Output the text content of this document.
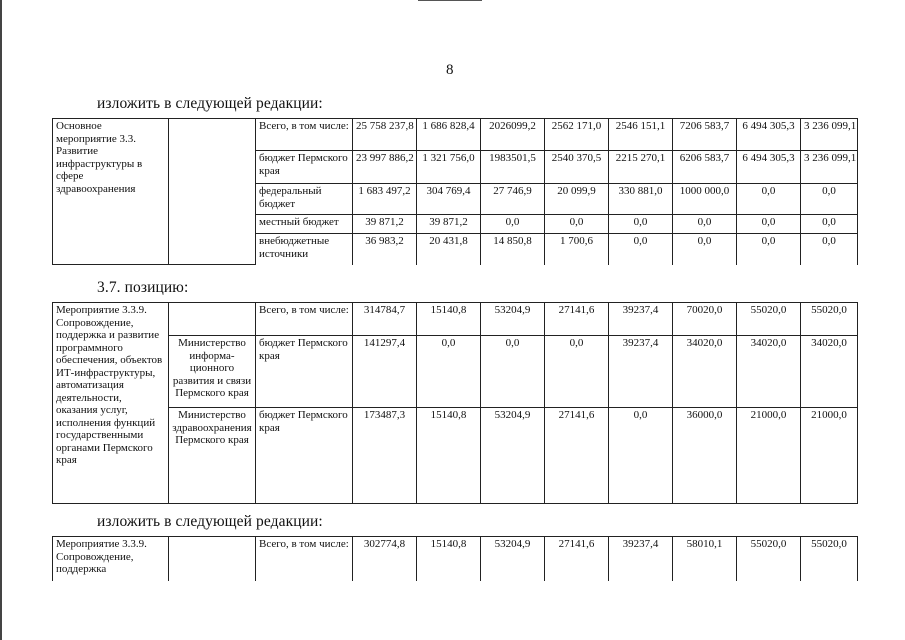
8
изложить в следующей редакции:
Основное мероприятие 3.3. Развитие инфраструктуры в сфере здравоохранения		Всего, в том числе:	25 758 237,8	1 686 828,4	2026099,2	2562 171,0	2546 151,1	7206 583,7	6 494 305,3	3 236 099,1
		бюджет Пермского края	23 997 886,2	1 321 756,0	1983501,5	2540 370,5	2215 270,1	6206 583,7	6 494 305,3	3 236 099,1
		федеральный бюджет	1 683 497,2	304 769,4	27 746,9	20 099,9	330 881,0	1000 000,0	0,0	0,0
		местный бюджет	39 871,2	39 871,2	0,0	0,0	0,0	0,0	0,0	0,0
		внебюджетные источники	36 983,2	20 431,8	14 850,8	1 700,6	0,0	0,0	0,0	0,0
3.7. позицию:
Мероприятие 3.3.9. Сопровождение, поддержка и развитие программного обеспечения, объектов ИТ-инфраструктуры, автоматизация деятельности, оказания услуг, исполнения функций государственными органами Пермского края		Всего, в том числе:	314784,7	15140,8	53204,9	27141,6	39237,4	70020,0	55020,0	55020,0
	Министерство информа-ционного развития и связи Пермского края	бюджет Пермского края	141297,4	0,0	0,0	0,0	39237,4	34020,0	34020,0	34020,0
	Министерство здравоохранения Пермского края	бюджет Пермского края	173487,3	15140,8	53204,9	27141,6	0,0	36000,0	21000,0	21000,0
изложить в следующей редакции:
Мероприятие 3.3.9. Сопровождение, поддержка		Всего, в том числе:	302774,8	15140,8	53204,9	27141,6	39237,4	58010,1	55020,0	55020,0
